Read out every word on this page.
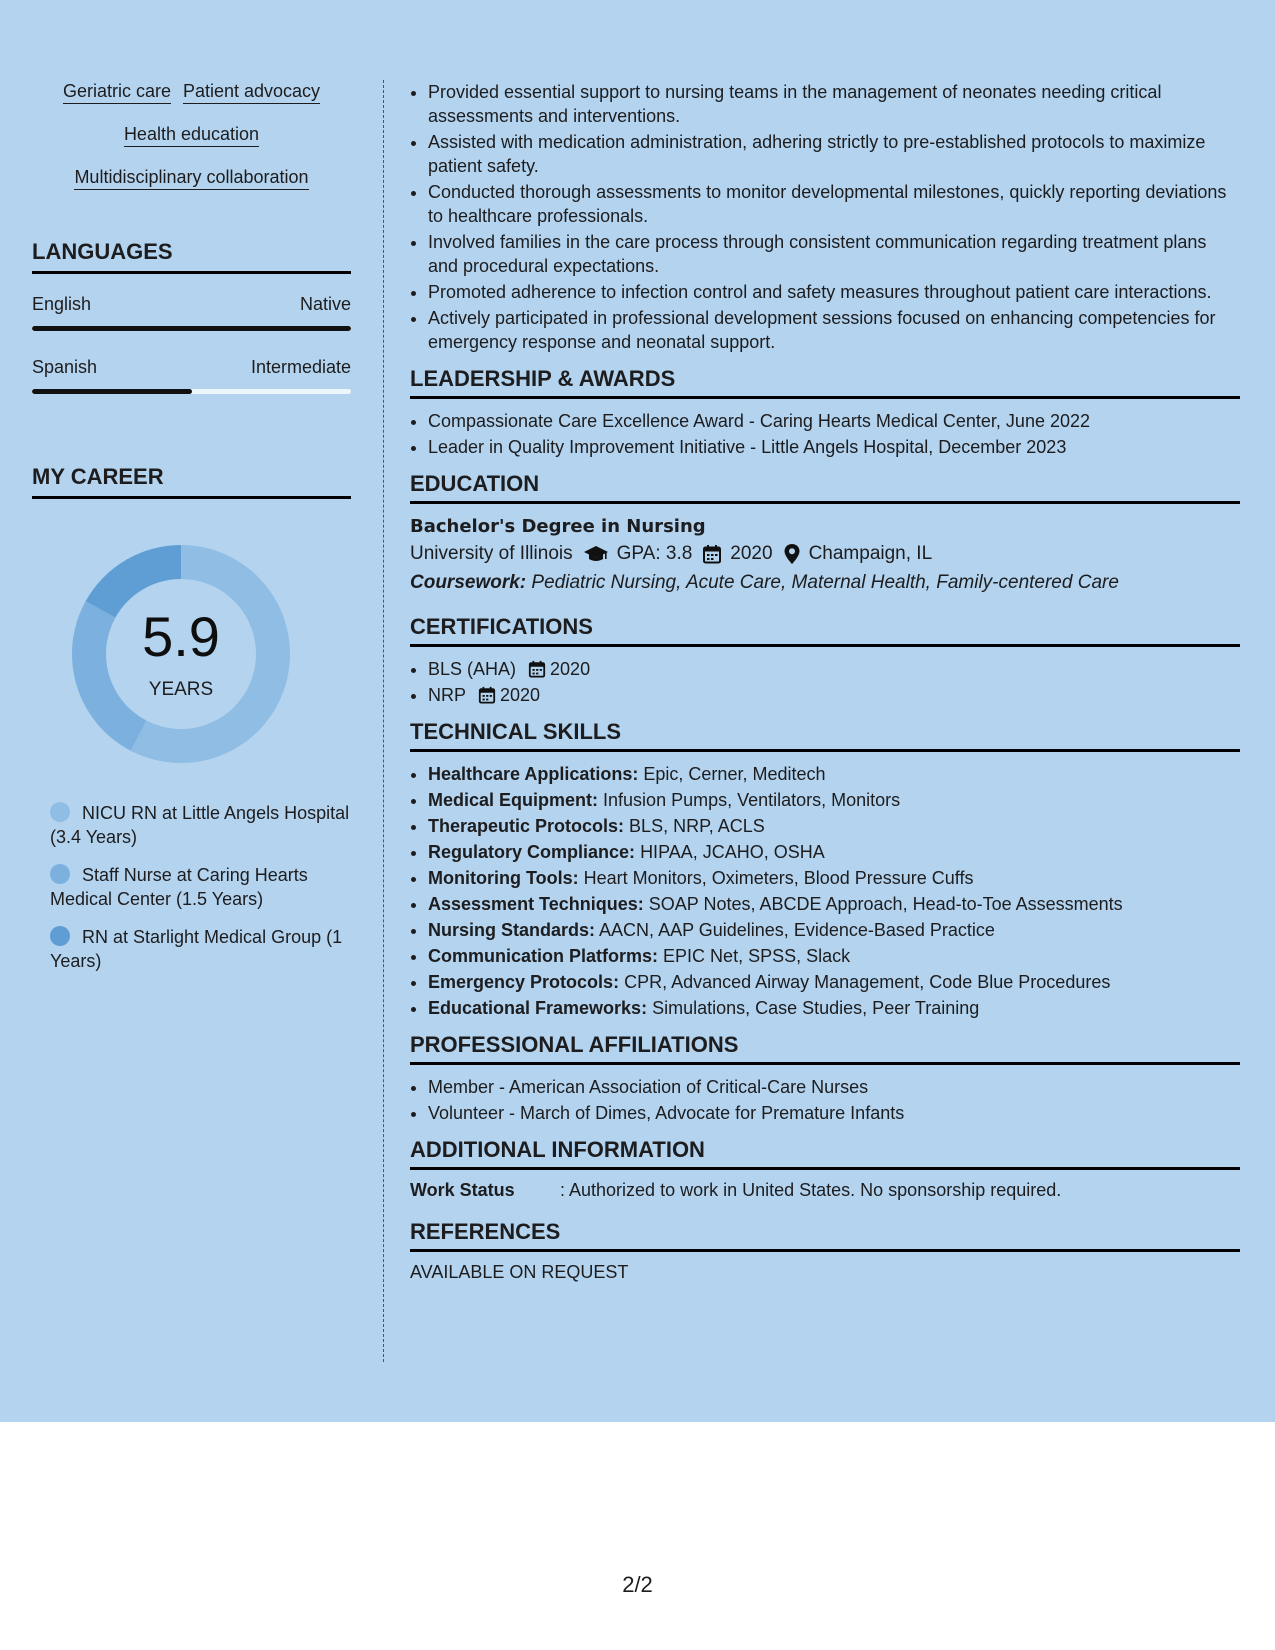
Geriatric care Patient advocacy
Health education
Multidisciplinary collaboration
LANGUAGES
English	Native
Spanish	Intermediate
MY CAREER
5.9
YEARS
NICU RN at Little Angels Hospital (3.4 Years)
Staff Nurse at Caring Hearts Medical Center (1.5 Years)
RN at Starlight Medical Group (1 Years)
• Provided essential support to nursing teams in the management of neonates needing critical assessments and interventions.
• Assisted with medication administration, adhering strictly to pre-established protocols to maximize patient safety.
• Conducted thorough assessments to monitor developmental milestones, quickly reporting deviations to healthcare professionals.
• Involved families in the care process through consistent communication regarding treatment plans and procedural expectations.
• Promoted adherence to infection control and safety measures throughout patient care interactions.
• Actively participated in professional development sessions focused on enhancing competencies for emergency response and neonatal support.
LEADERSHIP & AWARDS
• Compassionate Care Excellence Award - Caring Hearts Medical Center, June 2022
• Leader in Quality Improvement Initiative - Little Angels Hospital, December 2023
EDUCATION
Bachelor's Degree in Nursing
University of Illinois GPA: 3.8 2020 Champaign, IL
Coursework: Pediatric Nursing, Acute Care, Maternal Health, Family-centered Care
CERTIFICATIONS
• BLS (AHA) 2020
• NRP 2020
TECHNICAL SKILLS
• Healthcare Applications: Epic, Cerner, Meditech
• Medical Equipment: Infusion Pumps, Ventilators, Monitors
• Therapeutic Protocols: BLS, NRP, ACLS
• Regulatory Compliance: HIPAA, JCAHO, OSHA
• Monitoring Tools: Heart Monitors, Oximeters, Blood Pressure Cuffs
• Assessment Techniques: SOAP Notes, ABCDE Approach, Head-to-Toe Assessments
• Nursing Standards: AACN, AAP Guidelines, Evidence-Based Practice
• Communication Platforms: EPIC Net, SPSS, Slack
• Emergency Protocols: CPR, Advanced Airway Management, Code Blue Procedures
• Educational Frameworks: Simulations, Case Studies, Peer Training
PROFESSIONAL AFFILIATIONS
• Member - American Association of Critical-Care Nurses
• Volunteer - March of Dimes, Advocate for Premature Infants
ADDITIONAL INFORMATION
Work Status	: Authorized to work in United States. No sponsorship required.
REFERENCES
AVAILABLE ON REQUEST
2/2
